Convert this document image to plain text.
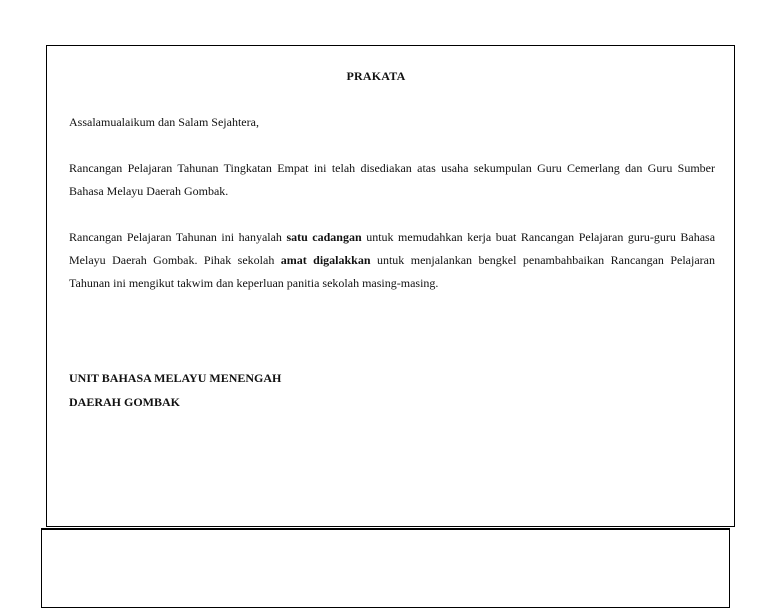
PRAKATA
Assalamualaikum dan Salam Sejahtera,
Rancangan Pelajaran Tahunan Tingkatan Empat ini telah disediakan atas usaha sekumpulan Guru Cemerlang dan Guru Sumber Bahasa Melayu Daerah Gombak.
Rancangan Pelajaran Tahunan ini hanyalah satu cadangan untuk memudahkan kerja buat Rancangan Pelajaran guru-guru Bahasa Melayu Daerah Gombak. Pihak sekolah amat digalakkan untuk menjalankan bengkel penambahbaikan Rancangan Pelajaran Tahunan ini mengikut takwim dan keperluan panitia sekolah masing-masing.
UNIT BAHASA MELAYU MENENGAH
DAERAH GOMBAK
